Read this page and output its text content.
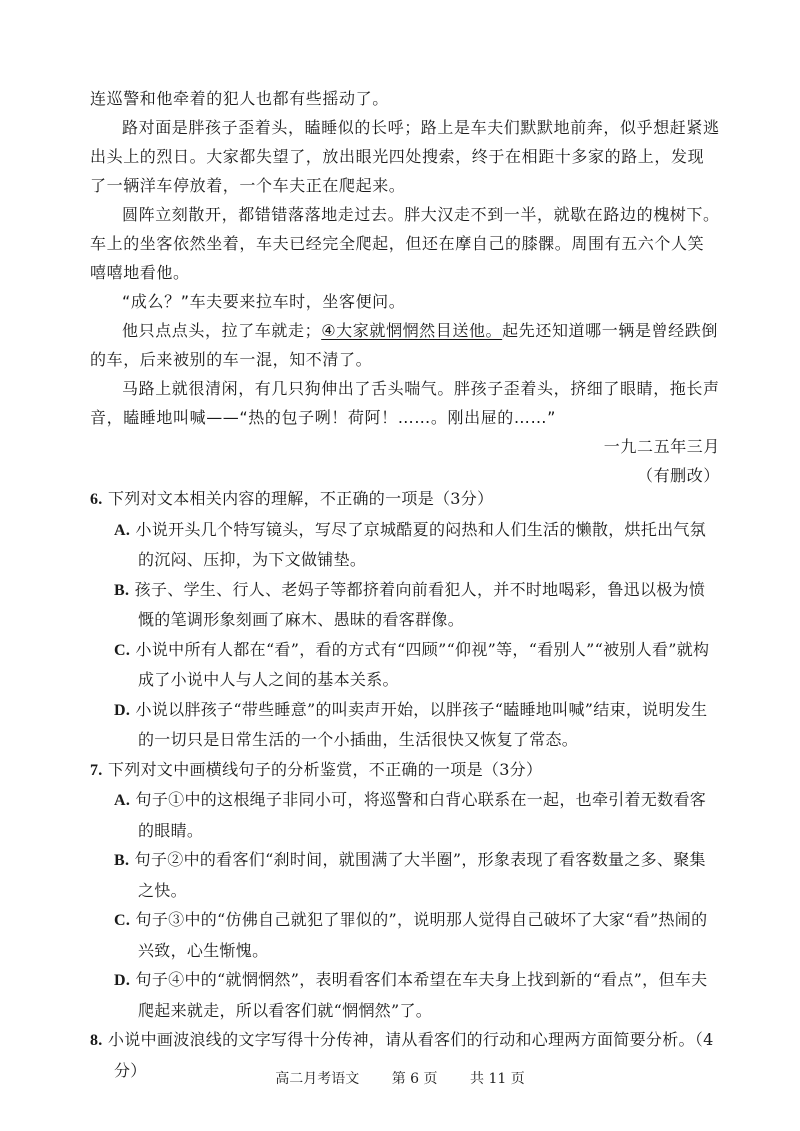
连巡警和他牵着的犯人也都有些摇动了。

路对面是胖孩子歪着头，瞌睡似的长呼；路上是车夫们默默地前奔，似乎想赶紧逃出头上的烈日。大家都失望了，放出眼光四处搜索，终于在相距十多家的路上，发现了一辆洋车停放着，一个车夫正在爬起来。

圆阵立刻散开，都错错落落地走过去。胖大汉走不到一半，就歇在路边的槐树下。车上的坐客依然坐着，车夫已经完全爬起，但还在摩自己的膝髁。周围有五六个人笑嘻嘻地看他。

“成么？”车夫要来拉车时，坐客便问。

他只点点头，拉了车就走；④大家就惘惘然目送他。起先还知道哪一辆是曾经跌倒的车，后来被别的车一混，知不清了。

马路上就很清闲，有几只狗伸出了舌头喘气。胖孩子歪着头，挤细了眼睛，拖长声音，瞌睡地叫喊——“热的包子咧！荷阿！……。刚出屉的……”

一九二五年三月

（有删改）

6. 下列对文本相关内容的理解，不正确的一项是（3分）
A. 小说开头几个特写镜头，写尽了京城酷夏的闷热和人们生活的懒散，烘托出气氛的沉闷、压抑，为下文做铺垫。
B. 孩子、学生、行人、老妈子等都挤着向前看犯人，并不时地喝彩，鲁迅以极为愤慨的笔调形象刻画了麻木、愚昧的看客群像。
C. 小说中所有人都在“看”，看的方式有“四顾”“仰视”等，“看别人”“被别人看”就构成了小说中人与人之间的基本关系。
D. 小说以胖孩子“带些睡意”的叫卖声开始，以胖孩子“瞌睡地叫喊”结束，说明发生的一切只是日常生活的一个小插曲，生活很快又恢复了常态。
7. 下列对文中画横线句子的分析鉴赏，不正确的一项是（3分）
A. 句子①中的这根绳子非同小可，将巡警和白背心联系在一起，也牵引着无数看客的眼睛。
B. 句子②中的看客们“刹时间，就围满了大半圈”，形象表现了看客数量之多、聚集之快。
C. 句子③中的“仿佛自己就犯了罪似的”，说明那人觉得自己破坏了大家“看”热闹的兴致，心生惭愧。
D. 句子④中的“就惘惘然”，表明看客们本希望在车夫身上找到新的“看点”，但车夫爬起来就走，所以看客们就“惘惘然”了。
8. 小说中画波浪线的文字写得十分传神，请从看客们的行动和心理两方面简要分析。（4分）	高二月考语文 第 6 页 共 11 页
